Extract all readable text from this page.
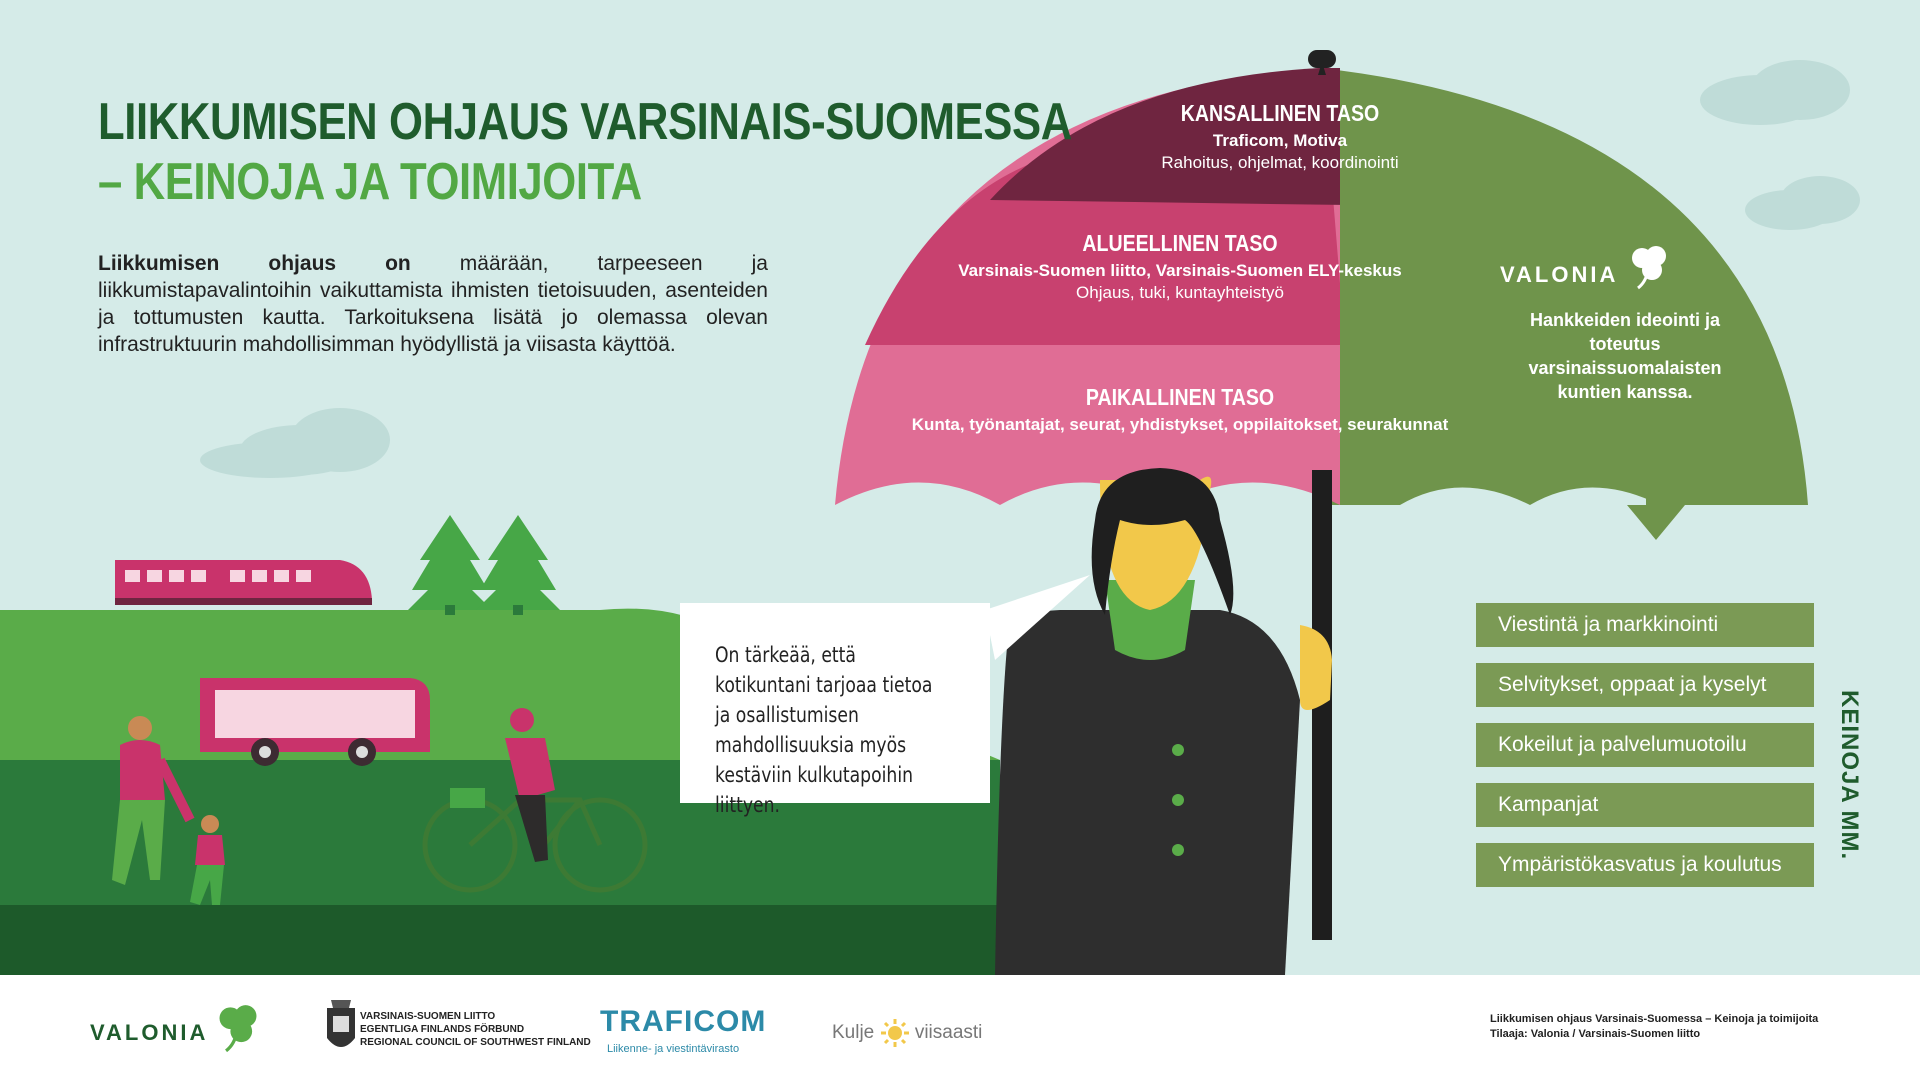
LIIKKUMISEN OHJAUS VARSINAIS-SUOMESSA
– KEINOJA JA TOIMIJOITA
Liikkumisen ohjaus on määrään, tarpeeseen ja liikkumistapavalintoihin vaikuttamista ihmisten tietoisuuden, asenteiden ja tottumusten kautta. Tarkoituksena lisätä jo olemassa olevan infrastruktuurin mahdollisimman hyödyllistä ja viisasta käyttöä.
KANSALLINEN TASO
Traficom, Motiva
Rahoitus, ohjelmat, koordinointi
ALUEELLINEN TASO
Varsinais-Suomen liitto, Varsinais-Suomen ELY-keskus
Ohjaus, tuki, kuntayhteistyö
PAIKALLINEN TASO
Kunta, työnantajat, seurat, yhdistykset, oppilaitokset, seurakunnat
VALONIA
Hankkeiden ideointi ja toteutus varsinaissuomalaisten kuntien kanssa.
On tärkeää, että kotikuntani tarjoaa tietoa ja osallistumisen mahdollisuuksia myös kestäviin kulkutapoihin liittyen.
Viestintä ja markkinointi
Selvitykset, oppaat ja kyselyt
Kokeilut ja palvelumuotoilu
Kampanjat
Ympäristökasvatus ja koulutus
KEINOJA MM.
VALONIA
VARSINAIS-SUOMEN LIITTO
EGENTLIGA FINLANDS FÖRBUND
REGIONAL COUNCIL OF SOUTHWEST FINLAND
TRAFICOM
Liikenne- ja viestintävirasto
Kulje viisaasti
Liikkumisen ohjaus Varsinais-Suomessa – Keinoja ja toimijoita
Tilaaja: Valonia / Varsinais-Suomen liitto
